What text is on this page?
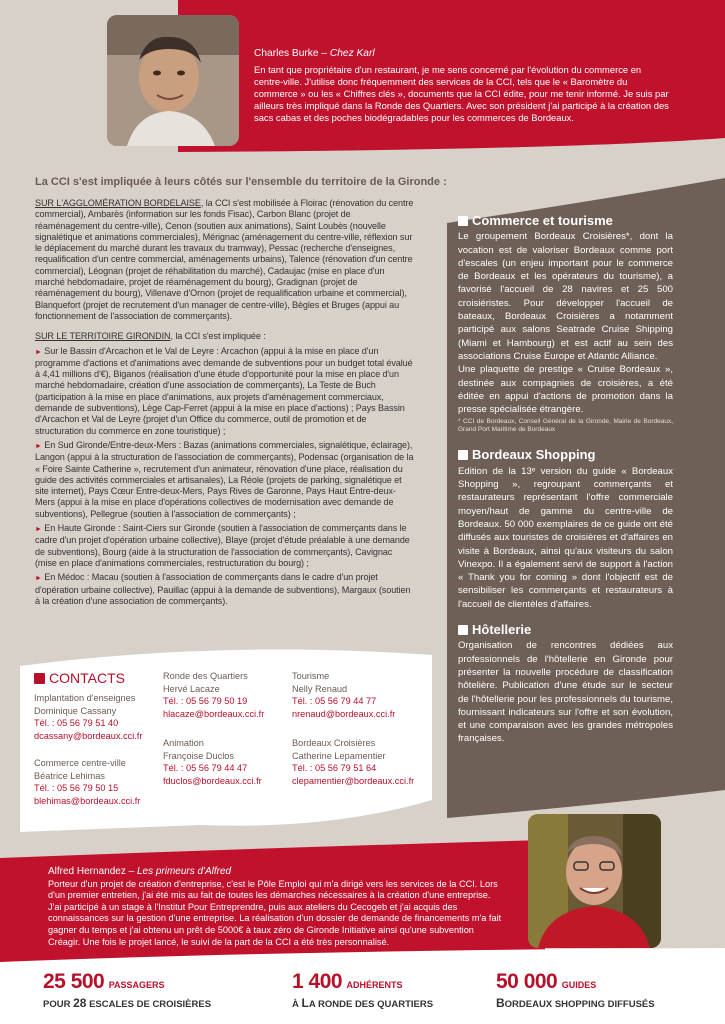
Charles Burke – Chez Karl
En tant que propriétaire d'un restaurant, je me sens concerné par l'évolution du commerce en centre-ville. J'utilise donc fréquemment des services de la CCI, tels que le « Baromètre du commerce » ou les « Chiffres clés », documents que la CCI édite, pour me tenir informé. Je suis par ailleurs très impliqué dans la Ronde des Quartiers. Avec son président j'ai participé à la création des sacs cabas et des poches biodégradables pour les commerces de Bordeaux.
La CCI s'est impliquée à leurs côtés sur l'ensemble du territoire de la Gironde :

SUR L'AGGLOMÉRATION BORDELAISE, la CCI s'est mobilisée à Floirac (rénovation du centre commercial), Ambarès (information sur les fonds Fisac), Carbon Blanc (projet de réaménagement du centre-ville), Cenon (soutien aux animations), Saint Loubès (nouvelle signalétique et animations commerciales), Mérignac (aménagement du centre-ville, réflexion sur le déplacement du marché durant les travaux du tramway), Pessac (recherche d'enseignes, requalification d'un centre commercial, aménagements urbains), Talence (rénovation d'un centre commercial), Léognan (projet de réhabilitation du marché), Cadaujac (mise en place d'un marché hebdomadaire, projet de réaménagement du bourg), Gradignan (projet de réaménagement du bourg), Villenave d'Ornon (projet de requalification urbaine et commercial), Blanquefort (projet de recrutement d'un manager de centre-ville), Bègles et Bruges (appui au fonctionnement de l'association de commerçants).

SUR LE TERRITOIRE GIRONDIN, la CCI s'est impliquée :

► Sur le Bassin d'Arcachon et le Val de Leyre : Arcachon (appui à la mise en place d'un programme d'actions et d'animations avec demande de subventions pour un budget total évalué à 4,41 millions d'€), Biganos (réalisation d'une étude d'opportunité pour la mise en place d'un marché hebdomadaire, création d'une association de commerçants), La Teste de Buch (participation à la mise en place d'animations, aux projets d'aménagement commerciaux, demande de subventions), Lège Cap-Ferret (appui à la mise en place d'actions) ; Pays Bassin d'Arcachon et Val de Leyre (projet d'un Office du commerce, outil de promotion et de structuration du commerce en zone touristique) ;

► En Sud Gironde/Entre-deux-Mers : Bazas (animations commerciales, signalétique, éclairage), Langon (appui à la structuration de l'association de commerçants), Podensac (organisation de la « Foire Sainte Catherine », recrutement d'un animateur, rénovation d'une place, réalisation du guide des activités commerciales et artisanales), La Réole (projets de parking, signalétique et site internet), Pays Cœur Entre-deux-Mers, Pays Rives de Garonne, Pays Haut Entre-deux-Mers (appui à la mise en place d'opérations collectives de modernisation avec demande de subventions), Pellegrue (soutien à l'association de commerçants) ;

► En Haute Gironde : Saint-Ciers sur Gironde (soutien à l'association de commerçants dans le cadre d'un projet d'opération urbaine collective), Blaye (projet d'étude préalable à une demande de subventions), Bourg (aide à la structuration de l'association de commerçants), Cavignac (mise en place d'animations commerciales, restructuration du bourg) ;

► En Médoc : Macau (soutien à l'association de commerçants dans le cadre d'un projet d'opération urbaine collective), Pauillac (appui à la demande de subventions), Margaux (soutien à la création d'une association de commerçants).

Commerce et tourisme
Le groupement Bordeaux Croisières*, dont la vocation est de valoriser Bordeaux comme port d'escales (un enjeu important pour le commerce de Bordeaux et les opérateurs du tourisme), a favorisé l'accueil de 28 navires et 25 500 croisiéristes. Pour développer l'accueil de bateaux, Bordeaux Croisières a notamment participé aux salons Seatrade Cruise Shipping (Miami et Hambourg) et est actif au sein des associations Cruise Europe et Atlantic Alliance.
Une plaquette de prestige « Cruise Bordeaux », destinée aux compagnies de croisières, a été éditée en appui d'actions de promotion dans la presse spécialisée étrangère.
* CCI de Bordeaux, Conseil Général de la Gironde, Mairie de Bordeaux, Grand Port Maritime de Bordeaux
Bordeaux Shopping
Edition de la 13ᵉ version du guide « Bordeaux Shopping », regroupant commerçants et restaurateurs représentant l'offre commerciale moyen/haut de gamme du centre-ville de Bordeaux. 50 000 exemplaires de ce guide ont été diffusés aux touristes de croisières et d'affaires en visite à Bordeaux, ainsi qu'aux visiteurs du salon Vinexpo. Il a également servi de support à l'action « Thank you for coming » dont l'objectif est de sensibiliser les commerçants et restaurateurs à l'accueil de clientèles d'affaires.
Hôtellerie
Organisation de rencontres dédiées aux professionnels de l'hôtellerie en Gironde pour présenter la nouvelle procédure de classification hôtelière. Publication d'une étude sur le secteur de l'hôtellerie pour les professionnels du tourisme, fournissant indicateurs sur l'offre et son évolution, et une comparaison avec les grandes métropoles françaises.
CONTACTS
Implantation d'enseignes
Dominique Cassany
Tél. : 05 56 79 51 40
dcassany@bordeaux.cci.fr
Commerce centre-ville
Béatrice Lehimas
Tél. : 05 56 79 50 15
blehimas@bordeaux.cci.fr
Ronde des Quartiers
Hervé Lacaze
Tél. : 05 56 79 50 19
hlacaze@bordeaux.cci.fr
Animation
Françoise Duclos
Tél. : 05 56 79 44 47
fduclos@bordeaux.cci.fr
Tourisme
Nelly Renaud
Tél. : 05 56 79 44 77
nrenaud@bordeaux.cci.fr
Bordeaux Croisières
Catherine Lepamentier
Tél. : 05 56 79 51 64
clepamentier@bordeaux.cci.fr
Alfred Hernandez – Les primeurs d'Alfred
Porteur d'un projet de création d'entreprise, c'est le Pôle Emploi qui m'a dirigé vers les services de la CCI. Lors d'un premier entretien, j'ai été mis au fait de toutes les démarches nécessaires à la création d'une entreprise. J'ai participé à un stage à l'Institut Pour Entreprendre, puis aux ateliers du Cecogeb et j'ai acquis des connaissances sur la gestion d'une entreprise. La réalisation d'un dossier de demande de financements m'a fait gagner du temps et j'ai obtenu un prêt de 5000€ à taux zéro de Gironde Initiative ainsi qu'une subvention Créagir. Une fois le projet lancé, le suivi de la part de la CCI a été très personnalisé.
25 500 PASSAGERS
POUR 28 ESCALES DE CROISIÈRES
1 400 ADHÉRENTS
À LA RONDE DES QUARTIERS
50 000 GUIDES
BORDEAUX SHOPPING DIFFUSÉS
